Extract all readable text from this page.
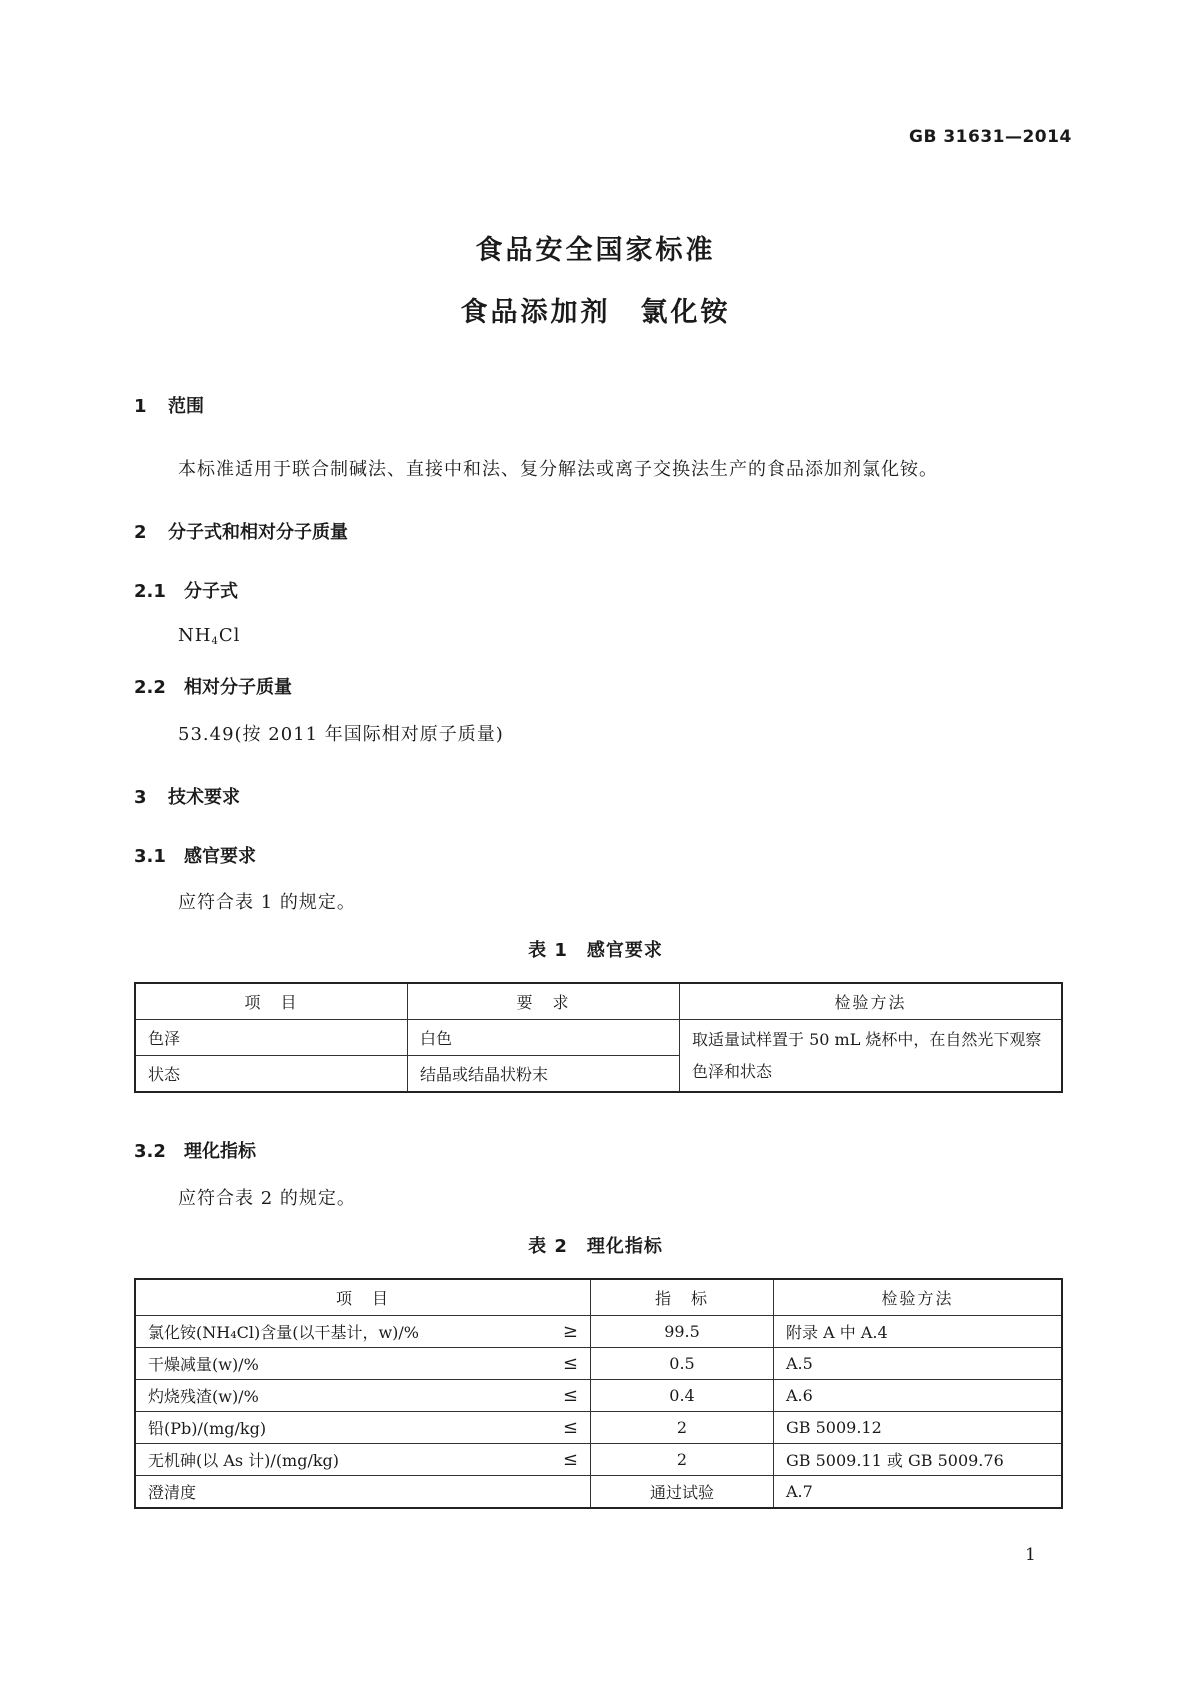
GB 31631—2014
食品安全国家标准
食品添加剂　氯化铵
1 范围
本标准适用于联合制碱法、直接中和法、复分解法或离子交换法生产的食品添加剂氯化铵。
2 分子式和相对分子质量
2.1 分子式
$NH_4Cl$
2.2 相对分子质量
53.49(按 2011 年国际相对原子质量)
3 技术要求
3.1 感官要求
应符合表 1 的规定。
表 1　感官要求
项　目	要　求	检验方法
色泽	白色	取适量试样置于 50 mL 烧杯中，在自然光下观察色泽和状态
状态	结晶或结晶状粉末	
3.2 理化指标
应符合表 2 的规定。
表 2　理化指标
项　目	指　标	检验方法

氯化铵(NH₄Cl)含量(以干基计，w)/% ≥	99.5	附录 A 中 A.4

干燥减量(w)/% ≤	0.5	A.5

灼烧残渣(w)/% ≤	0.4	A.6

铅(Pb)/(mg/kg) ≤	2	GB 5009.12

无机砷(以 As 计)/(mg/kg) ≤	2	GB 5009.11 或 GB 5009.76

澄清度	通过试验	A.7
1
